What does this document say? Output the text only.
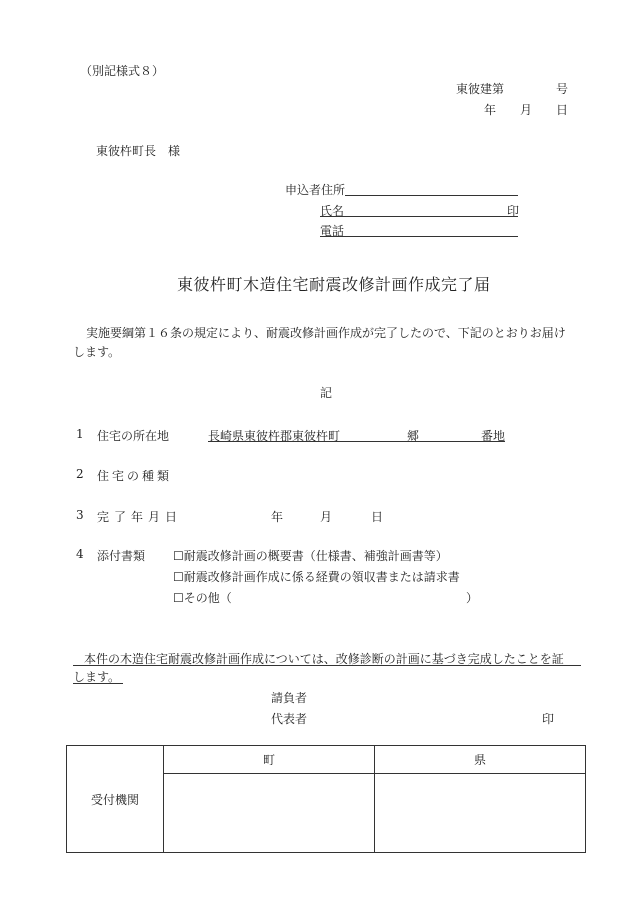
（別記様式８）
東彼建第	号
年 月 日
東彼杵町長　様
申込者住所
氏名	印
電話
東彼杵町木造住宅耐震改修計画作成完了届
実施要綱第１６条の規定により、耐震改修計画作成が完了したので、下記のとおりお届け
します。
記
1 住宅の所在地	長崎県東彼杵郡東彼杵町	郷	番地
2 住宅の種類
3 完了年月日	年	月	日
4 添付書類 ☐耐震改修計画の概要書（仕様書、補強計画書等）
☐耐震改修計画作成に係る経費の領収書または請求書
☐その他（	）
本件の木造住宅耐震改修計画作成については、改修診断の計画に基づき完成したことを証
します。
請負者
代表者	印
受付機関	町	県
